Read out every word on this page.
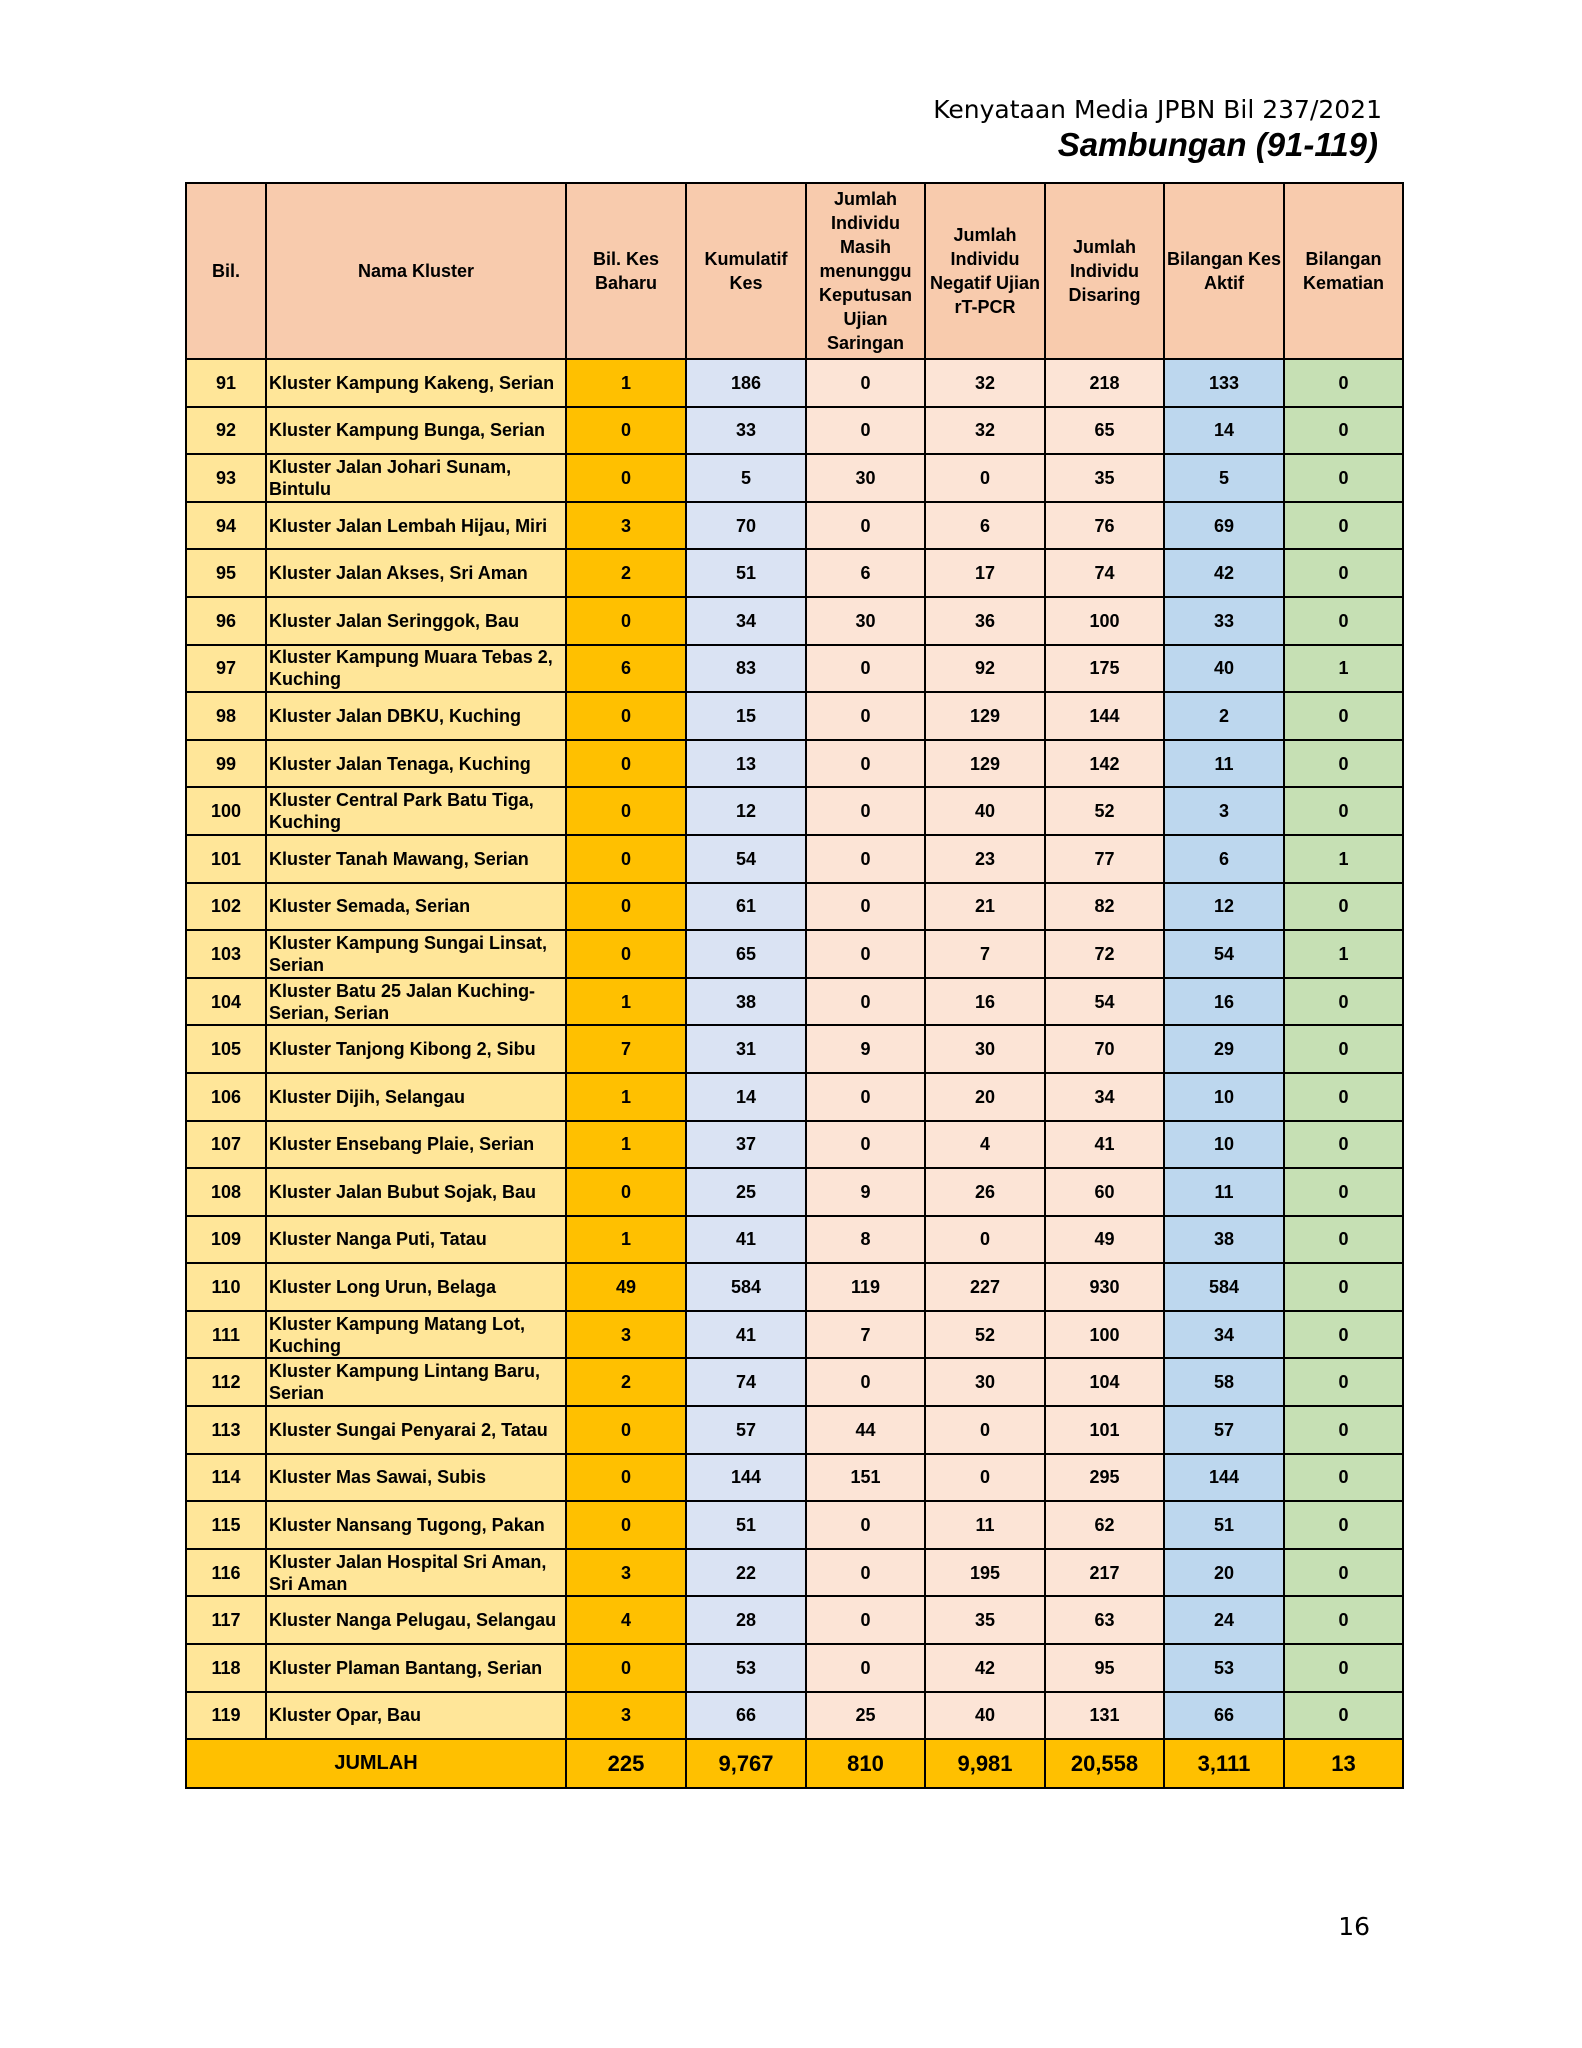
Kenyataan Media JPBN Bil 237/2021
Sambungan (91-119)
Bil.	Nama Kluster	Bil. Kes Baharu	Kumulatif Kes	Jumlah Individu Masih menunggu Keputusan Ujian Saringan	Jumlah Individu Negatif Ujian rT-PCR	Jumlah Individu Disaring	Bilangan Kes Aktif	Bilangan Kematian
91	Kluster Kampung Kakeng, Serian	1	186	0	32	218	133	0
92	Kluster Kampung Bunga, Serian	0	33	0	32	65	14	0
93	Kluster Jalan Johari Sunam, Bintulu	0	5	30	0	35	5	0
94	Kluster Jalan Lembah Hijau, Miri	3	70	0	6	76	69	0
95	Kluster Jalan Akses, Sri Aman	2	51	6	17	74	42	0
96	Kluster Jalan Seringgok, Bau	0	34	30	36	100	33	0
97	Kluster Kampung Muara Tebas 2, Kuching	6	83	0	92	175	40	1
98	Kluster Jalan DBKU, Kuching	0	15	0	129	144	2	0
99	Kluster Jalan Tenaga, Kuching	0	13	0	129	142	11	0
100	Kluster Central Park Batu Tiga, Kuching	0	12	0	40	52	3	0
101	Kluster Tanah Mawang, Serian	0	54	0	23	77	6	1
102	Kluster Semada, Serian	0	61	0	21	82	12	0
103	Kluster Kampung Sungai Linsat, Serian	0	65	0	7	72	54	1
104	Kluster Batu 25 Jalan Kuching-Serian, Serian	1	38	0	16	54	16	0
105	Kluster Tanjong Kibong 2, Sibu	7	31	9	30	70	29	0
106	Kluster Dijih, Selangau	1	14	0	20	34	10	0
107	Kluster Ensebang Plaie, Serian	1	37	0	4	41	10	0
108	Kluster Jalan Bubut Sojak, Bau	0	25	9	26	60	11	0
109	Kluster Nanga Puti, Tatau	1	41	8	0	49	38	0
110	Kluster Long Urun, Belaga	49	584	119	227	930	584	0
111	Kluster Kampung Matang Lot, Kuching	3	41	7	52	100	34	0
112	Kluster Kampung Lintang Baru, Serian	2	74	0	30	104	58	0
113	Kluster Sungai Penyarai 2, Tatau	0	57	44	0	101	57	0
114	Kluster Mas Sawai, Subis	0	144	151	0	295	144	0
115	Kluster Nansang Tugong, Pakan	0	51	0	11	62	51	0
116	Kluster Jalan Hospital Sri Aman, Sri Aman	3	22	0	195	217	20	0
117	Kluster Nanga Pelugau, Selangau	4	28	0	35	63	24	0
118	Kluster Plaman Bantang, Serian	0	53	0	42	95	53	0
119	Kluster Opar, Bau	3	66	25	40	131	66	0
JUMLAH		225	9,767	810	9,981	20,558	3,111	13
16
